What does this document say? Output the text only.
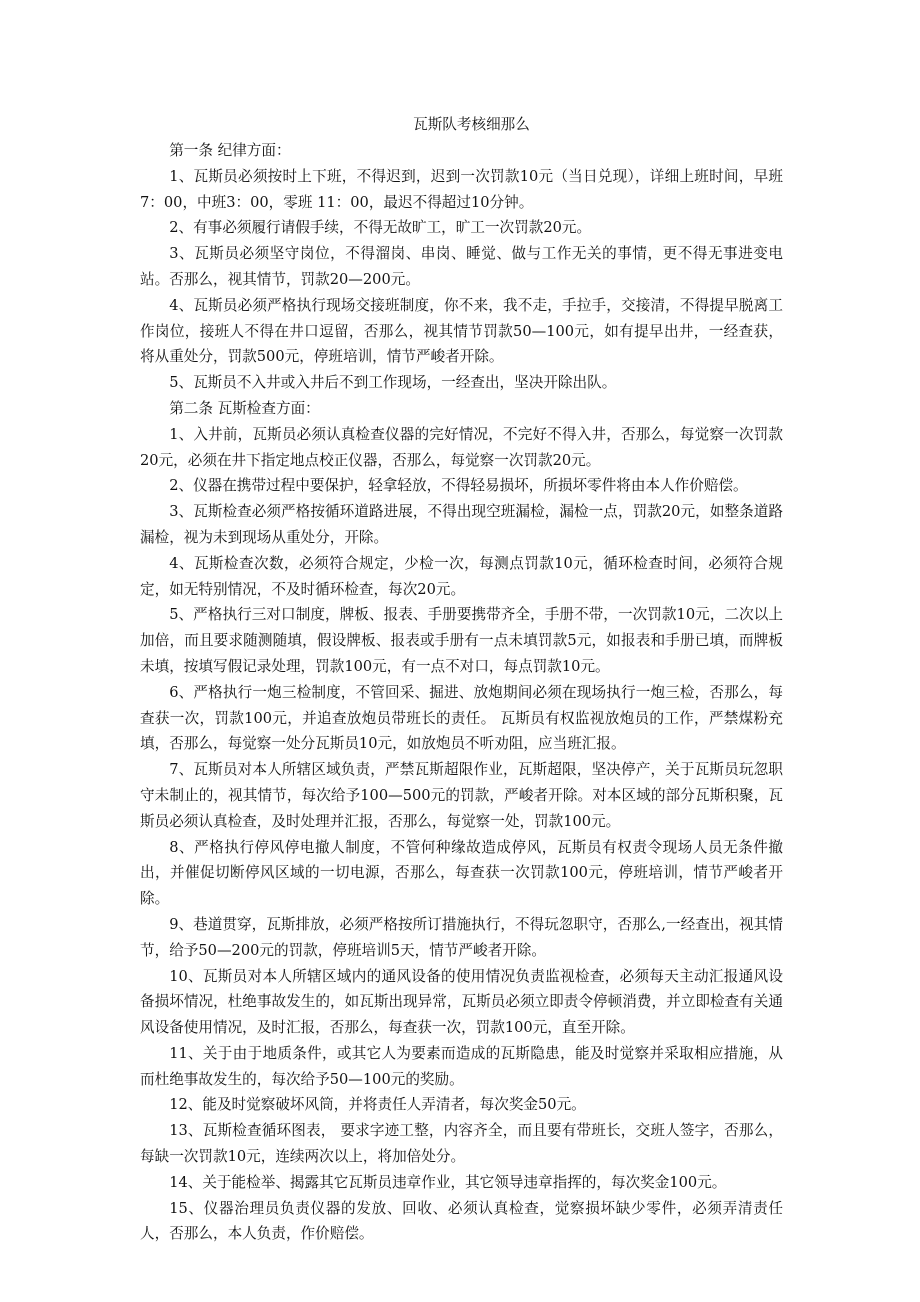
瓦斯队考核细那么

第一条 纪律方面：

1、瓦斯员必须按时上下班，不得迟到，迟到一次罚款10元（当日兑现），详细上班时间，早班7：00，中班3：00，零班 11：00，最迟不得超过10分钟。

2、有事必须履行请假手续，不得无故旷工，旷工一次罚款20元。

3、瓦斯员必须坚守岗位，不得溜岗、串岗、睡觉、做与工作无关的事情，更不得无事进变电站。否那么，视其情节，罚款20—200元。

4、瓦斯员必须严格执行现场交接班制度，你不来，我不走，手拉手，交接清，不得提早脱离工作岗位，接班人不得在井口逗留，否那么，视其情节罚款50—100元，如有提早出井，一经查获，将从重处分，罚款500元，停班培训，情节严峻者开除。

5、瓦斯员不入井或入井后不到工作现场，一经查出，坚决开除出队。

第二条 瓦斯检查方面：

1、入井前，瓦斯员必须认真检查仪器的完好情况，不完好不得入井，否那么，每觉察一次罚款20元，必须在井下指定地点校正仪器，否那么，每觉察一次罚款20元。

2、仪器在携带过程中要保护，轻拿轻放，不得轻易损坏，所损坏零件将由本人作价赔偿。

3、瓦斯检查必须严格按循环道路进展，不得出现空班漏检，漏检一点，罚款20元，如整条道路漏检，视为未到现场从重处分，开除。

4、瓦斯检查次数，必须符合规定，少检一次，每测点罚款10元，循环检查时间，必须符合规定，如无特别情况，不及时循环检查，每次20元。

5、严格执行三对口制度，牌板、报表、手册要携带齐全，手册不带，一次罚款10元，二次以上加倍，而且要求随测随填，假设牌板、报表或手册有一点未填罚款5元，如报表和手册已填，而牌板未填，按填写假记录处理，罚款100元，有一点不对口，每点罚款10元。

6、严格执行一炮三检制度，不管回采、掘进、放炮期间必须在现场执行一炮三检，否那么，每查获一次，罚款100元，并追查放炮员带班长的责任。 瓦斯员有权监视放炮员的工作，严禁煤粉充填，否那么，每觉察一处分瓦斯员10元，如放炮员不听劝阻，应当班汇报。

7、瓦斯员对本人所辖区域负责，严禁瓦斯超限作业，瓦斯超限，坚决停产，关于瓦斯员玩忽职守未制止的，视其情节，每次给予100—500元的罚款，严峻者开除。对本区域的部分瓦斯积聚，瓦斯员必须认真检查，及时处理并汇报，否那么，每觉察一处，罚款100元。

8、严格执行停风停电撤人制度，不管何种缘故造成停风，瓦斯员有权责令现场人员无条件撤出，并催促切断停风区域的一切电源，否那么，每查获一次罚款100元，停班培训，情节严峻者开除。

9、巷道贯穿，瓦斯排放，必须严格按所订措施执行，不得玩忽职守，否那么,一经查出，视其情节，给予50—200元的罚款，停班培训5天，情节严峻者开除。

10、瓦斯员对本人所辖区域内的通风设备的使用情况负责监视检查，必须每天主动汇报通风设备损坏情况，杜绝事故发生的，如瓦斯出现异常，瓦斯员必须立即责令停顿消费，并立即检查有关通风设备使用情况，及时汇报，否那么，每查获一次，罚款100元，直至开除。

11、关于由于地质条件，或其它人为要素而造成的瓦斯隐患，能及时觉察并采取相应措施，从而杜绝事故发生的，每次给予50—100元的奖励。

12、能及时觉察破坏风筒，并将责任人弄清者，每次奖金50元。

13、瓦斯检查循环图表， 要求字迹工整，内容齐全，而且要有带班长，交班人签字，否那么，每缺一次罚款10元，连续两次以上，将加倍处分。

14、关于能检举、揭露其它瓦斯员违章作业，其它领导违章指挥的，每次奖金100元。

15、仪器治理员负责仪器的发放、回收、必须认真检查，觉察损坏缺少零件，必须弄清责任人，否那么，本人负责，作价赔偿。
